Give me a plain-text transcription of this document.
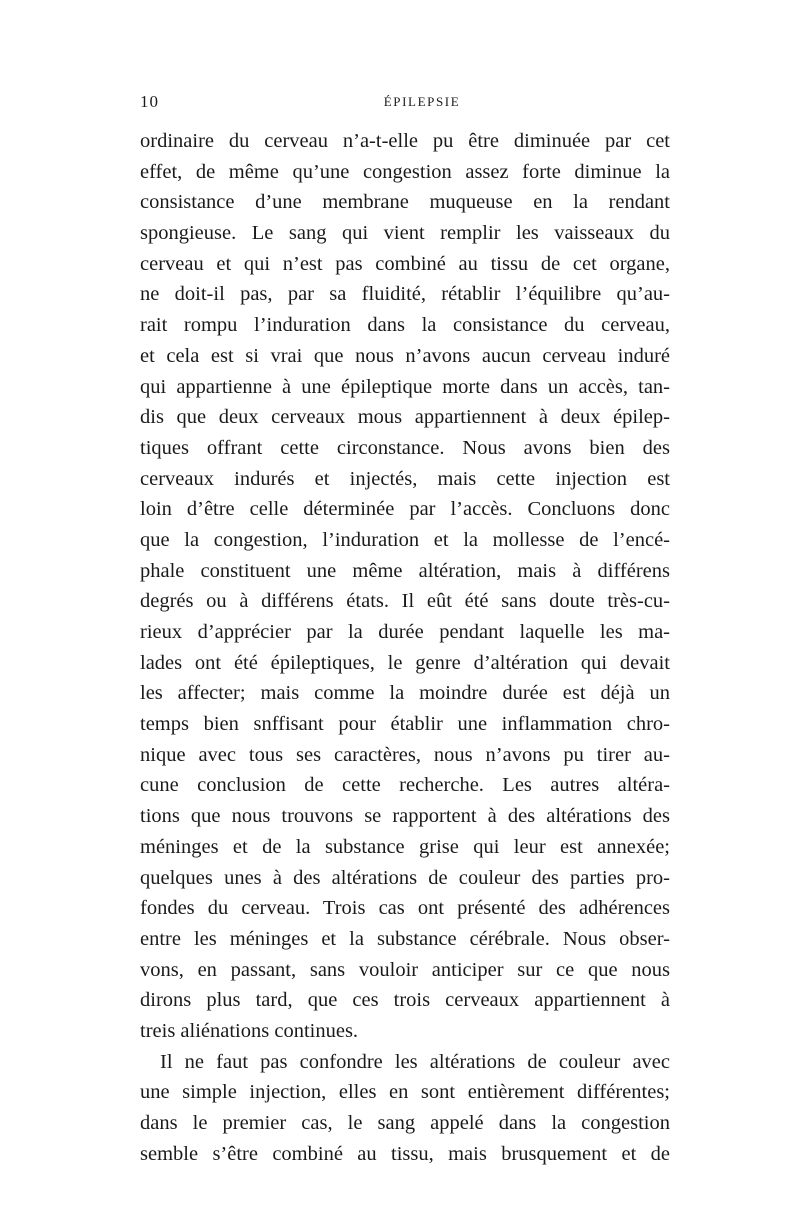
10	ÉPILEPSIE
ordinaire du cerveau n’a-t-elle pu être diminuée par cet
effet, de même qu’une congestion assez forte diminue la
consistance d’une membrane muqueuse en la rendant
spongieuse. Le sang qui vient remplir les vaisseaux du
cerveau et qui n’est pas combiné au tissu de cet organe,
ne doit-il pas, par sa fluidité, rétablir l’équilibre qu’au-
rait rompu l’induration dans la consistance du cerveau,
et cela est si vrai que nous n’avons aucun cerveau induré
qui appartienne à une épileptique morte dans un accès, tan-
dis que deux cerveaux mous appartiennent à deux épilep-
tiques offrant cette circonstance. Nous avons bien des
cerveaux indurés et injectés, mais cette injection est
loin d’être celle déterminée par l’accès. Concluons donc
que la congestion, l’induration et la mollesse de l’encé-
phale constituent une même altération, mais à différens
degrés ou à différens états. Il eût été sans doute très-cu-
rieux d’apprécier par la durée pendant laquelle les ma-
lades ont été épileptiques, le genre d’altération qui devait
les affecter; mais comme la moindre durée est déjà un
temps bien snffisant pour établir une inflammation chro-
nique avec tous ses caractères, nous n’avons pu tirer au-
cune conclusion de cette recherche. Les autres altéra-
tions que nous trouvons se rapportent à des altérations des
méninges et de la substance grise qui leur est annexée;
quelques unes à des altérations de couleur des parties pro-
fondes du cerveau. Trois cas ont présenté des adhérences
entre les méninges et la substance cérébrale. Nous obser-
vons, en passant, sans vouloir anticiper sur ce que nous
dirons plus tard, que ces trois cerveaux appartiennent à
treis aliénations continues.
Il ne faut pas confondre les altérations de couleur avec
une simple injection, elles en sont entièrement différentes;
dans le premier cas, le sang appelé dans la congestion
semble s’être combiné au tissu, mais brusquement et de
